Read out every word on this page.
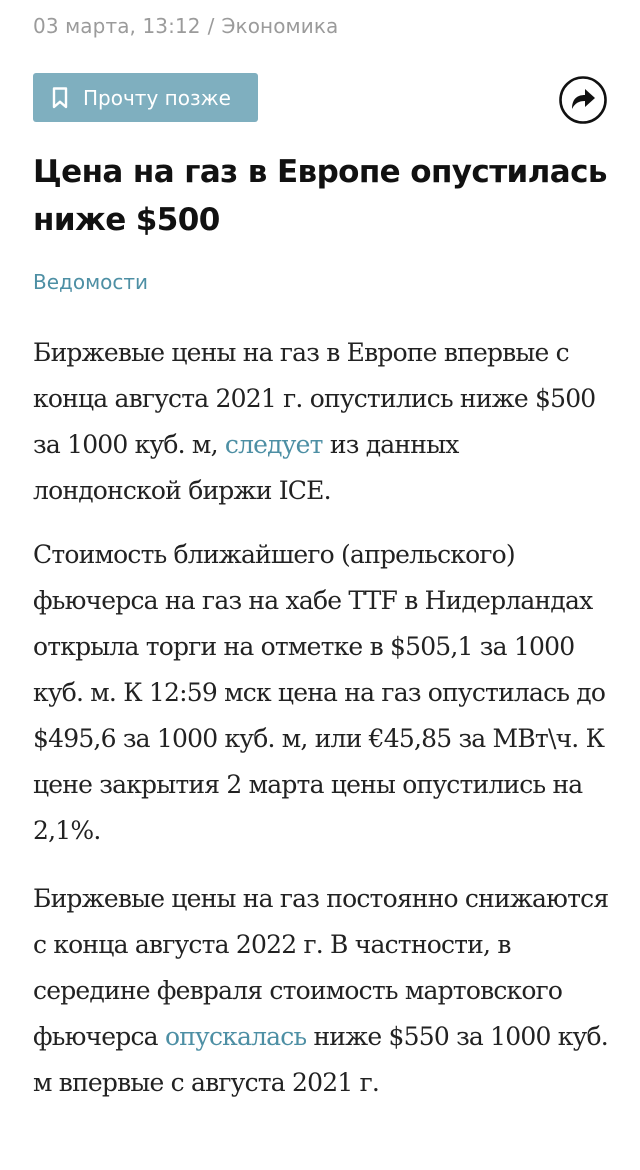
03 марта, 13:12 / Экономика
Прочту позже
Цена на газ в Европе опустилась ниже $500
Ведомости

Биржевые цены на газ в Европе впервые с конца августа 2021 г. опустились ниже $500 за 1000 куб. м, следует из данных лондонской биржи ICE.

Стоимость ближайшего (апрельского) фьючерса на газ на хабе TTF в Нидерландах открыла торги на отметке в $505,1 за 1000 куб. м. К 12:59 мск цена на газ опустилась до $495,6 за 1000 куб. м, или €45,85 за МВт\ч. К цене закрытия 2 марта цены опустились на 2,1%.

Биржевые цены на газ постоянно снижаются с конца августа 2022 г. В частности, в середине февраля стоимость мартовского фьючерса опускалась ниже $550 за 1000 куб. м впервые с августа 2021 г.
